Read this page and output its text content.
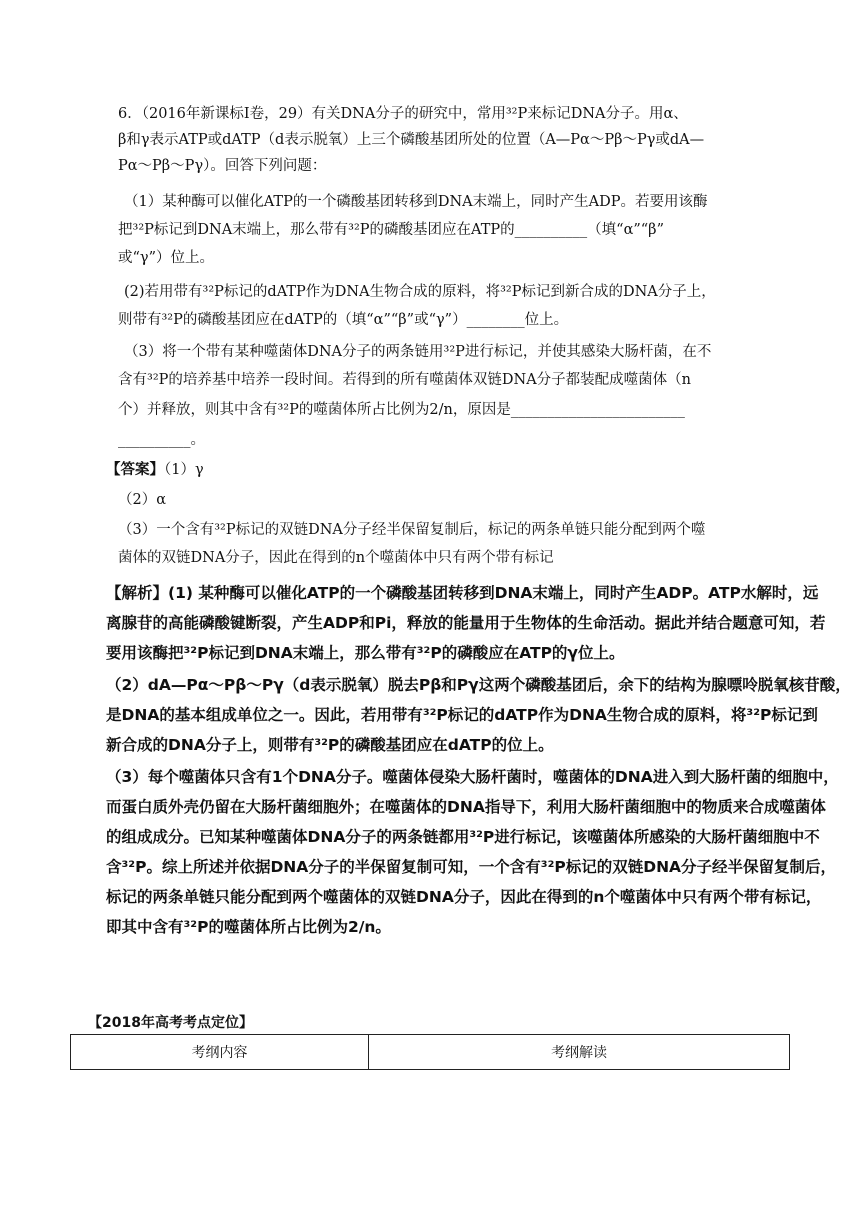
6．（2016年新课标Ⅰ卷，29）有关DNA分子的研究中，常用³²P来标记DNA分子。用α、
β和γ表示ATP或dATP（d表示脱氧）上三个磷酸基团所处的位置（A—Pα～Pβ～Pγ或dA—
Pα～Pβ～Pγ）。回答下列问题：
（1）某种酶可以催化ATP的一个磷酸基团转移到DNA末端上，同时产生ADP。若要用该酶
把³²P标记到DNA末端上，那么带有³²P的磷酸基团应在ATP的__________（填“α”“β”
或“γ”）位上。
(2)若用带有³²P标记的dATP作为DNA生物合成的原料，将³²P标记到新合成的DNA分子上，
则带有³²P的磷酸基团应在dATP的（填“α”“β”或“γ”）________位上。
（3）将一个带有某种噬菌体DNA分子的两条链用³²P进行标记，并使其感染大肠杆菌，在不
含有³²P的培养基中培养一段时间。若得到的所有噬菌体双链DNA分子都装配成噬菌体（n
个）并释放，则其中含有³²P的噬菌体所占比例为2/n，原因是________________________
__________。
【答案】（1）γ
（2）α
（3）一个含有³²P标记的双链DNA分子经半保留复制后，标记的两条单链只能分配到两个噬
菌体的双链DNA分子，因此在得到的n个噬菌体中只有两个带有标记
【解析】(1) 某种酶可以催化ATP的一个磷酸基团转移到DNA末端上，同时产生ADP。ATP水解时，远
离腺苷的高能磷酸键断裂，产生ADP和Pi，释放的能量用于生物体的生命活动。据此并结合题意可知，若
要用该酶把³²P标记到DNA末端上，那么带有³²P的磷酸应在ATP的γ位上。
（2）dA—Pα～Pβ～Pγ（d表示脱氧）脱去Pβ和Pγ这两个磷酸基团后，余下的结构为腺嘌呤脱氧核苷酸，
是DNA的基本组成单位之一。因此，若用带有³²P标记的dATP作为DNA生物合成的原料，将³²P标记到
新合成的DNA分子上，则带有³²P的磷酸基团应在dATP的位上。
（3）每个噬菌体只含有1个DNA分子。噬菌体侵染大肠杆菌时，噬菌体的DNA进入到大肠杆菌的细胞中，
而蛋白质外壳仍留在大肠杆菌细胞外；在噬菌体的DNA指导下，利用大肠杆菌细胞中的物质来合成噬菌体
的组成成分。已知某种噬菌体DNA分子的两条链都用³²P进行标记，该噬菌体所感染的大肠杆菌细胞中不
含³²P。综上所述并依据DNA分子的半保留复制可知，一个含有³²P标记的双链DNA分子经半保留复制后，
标记的两条单链只能分配到两个噬菌体的双链DNA分子，因此在得到的n个噬菌体中只有两个带有标记，
即其中含有³²P的噬菌体所占比例为2/n。
【2018年高考考点定位】
考纲内容	考纲解读
